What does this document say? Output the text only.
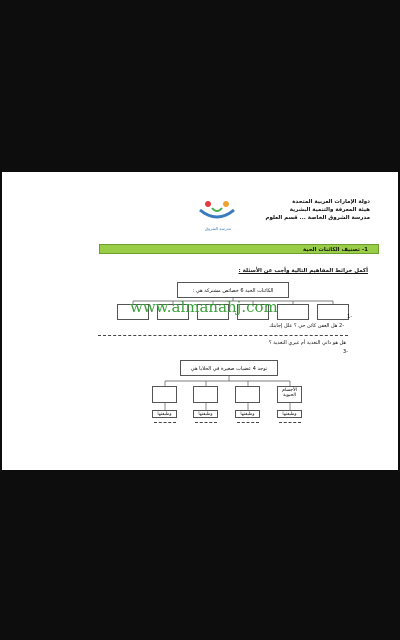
مدرسة الشروق
دولة الإمارات العربية المتحدة
هيئة المعرفة والتنمية البشرية
مدرسة الشروق الخاصة ... قسم العلوم
1- تصنيف الكائنات الحية
أكمل خرائط المفاهيم التالية وأجب عن الأسئلة :
الكائنات الحية 6 خصائص مشتركة هي :
www.almanahj.com
-1
-2 هل العفن كائن حي ؟ علل إجابتك
هل هو ذاتي التغذية أم غيري التغذية ؟
-3
توجد 4 عضيات صغيرة في الخلايا هي
الأجسام الحيوية
وظيفتها	وظيفتها	وظيفتها	وظيفتها
